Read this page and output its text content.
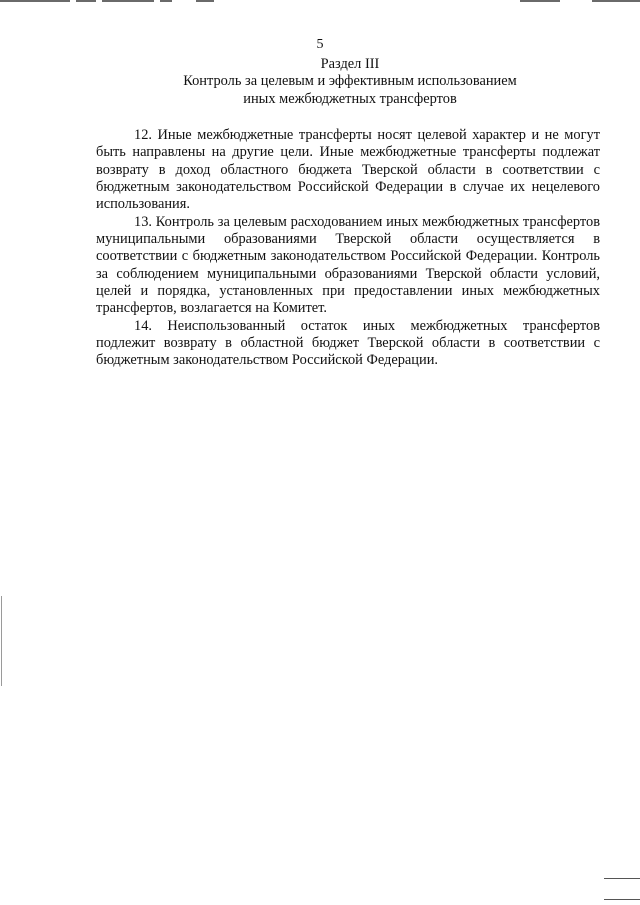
5
Раздел III
Контроль за целевым и эффективным использованием
иных межбюджетных трансфертов

12. Иные межбюджетные трансферты носят целевой характер и не могут быть направлены на другие цели. Иные межбюджетные трансферты подлежат возврату в доход областного бюджета Тверской области в соответствии с бюджетным законодательством Российской Федерации в случае их нецелевого использования.

13. Контроль за целевым расходованием иных межбюджетных трансфертов муниципальными образованиями Тверской области осуществляется в соответствии с бюджетным законодательством Российской Федерации. Контроль за соблюдением муниципальными образованиями Тверской области условий, целей и порядка, установленных при предоставлении иных межбюджетных трансфертов, возлагается на Комитет.

14. Неиспользованный остаток иных межбюджетных трансфертов подлежит возврату в областной бюджет Тверской области в соответствии с бюджетным законодательством Российской Федерации.
